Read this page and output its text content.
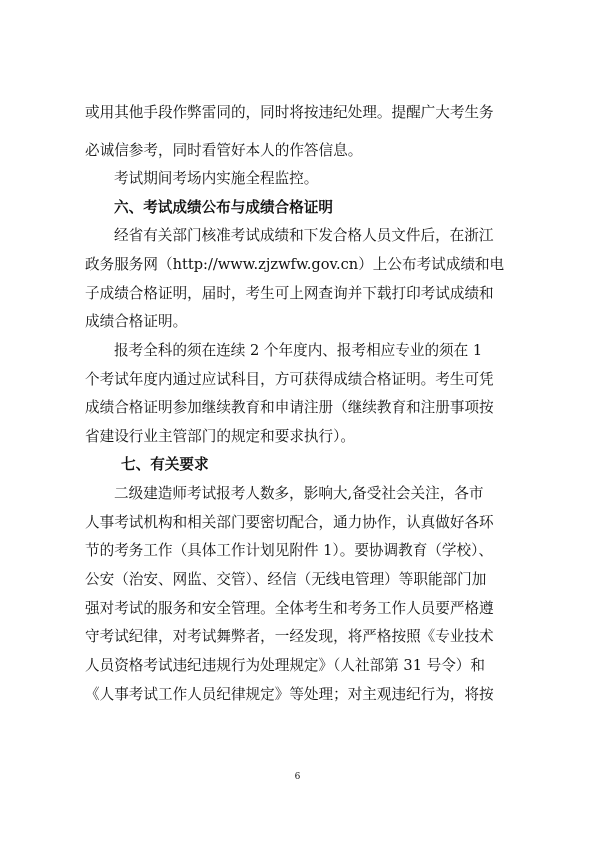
或用其他手段作弊雷同的，同时将按违纪处理。提醒广大考生务
必诚信参考，同时看管好本人的作答信息。
考试期间考场内实施全程监控。
六、考试成绩公布与成绩合格证明
经省有关部门核准考试成绩和下发合格人员文件后，在浙江
政务服务网（http://www.zjzwfw.gov.cn）上公布考试成绩和电
子成绩合格证明，届时，考生可上网查询并下载打印考试成绩和
成绩合格证明。
报考全科的须在连续 2 个年度内、报考相应专业的须在 1
个考试年度内通过应试科目，方可获得成绩合格证明。考生可凭
成绩合格证明参加继续教育和申请注册（继续教育和注册事项按
省建设行业主管部门的规定和要求执行）。
七、有关要求
二级建造师考试报考人数多，影响大,备受社会关注，各市
人事考试机构和相关部门要密切配合，通力协作，认真做好各环
节的考务工作（具体工作计划见附件 1）。要协调教育（学校）、
公安（治安、网监、交管）、经信（无线电管理）等职能部门加
强对考试的服务和安全管理。全体考生和考务工作人员要严格遵
守考试纪律，对考试舞弊者，一经发现，将严格按照《专业技术
人员资格考试违纪违规行为处理规定》（人社部第 31 号令）和
《人事考试工作人员纪律规定》等处理；对主观违纪行为，将按
6
